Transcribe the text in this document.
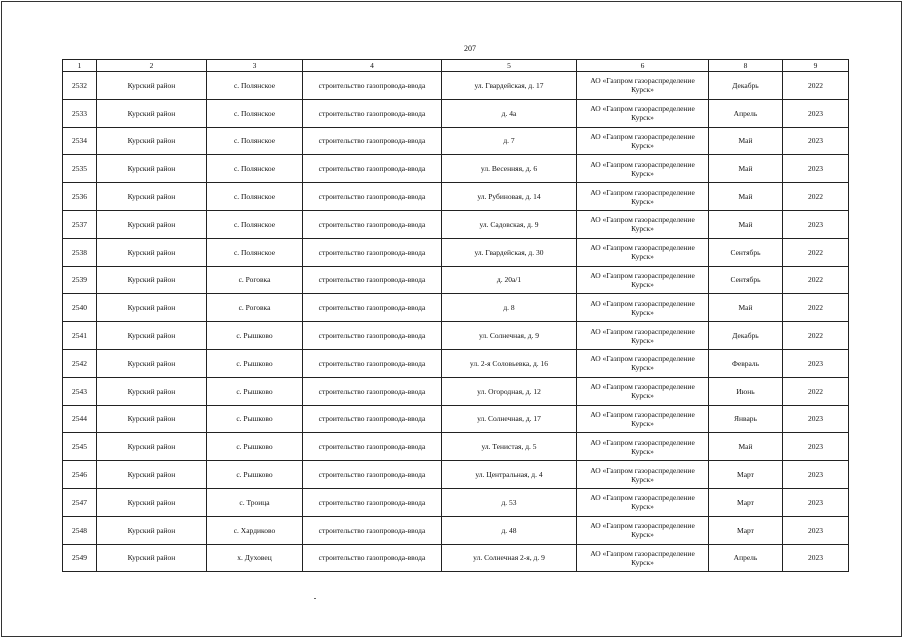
207
1	2	3	4	5	6	8	9
2532	Курский район	с. Полянское	строительство газопровода-ввода	ул. Гвардейская, д. 17	АО «Газпром газораспределение Курск»	Декабрь	2022
2533	Курский район	с. Полянское	строительство газопровода-ввода	д. 4а	АО «Газпром газораспределение Курск»	Апрель	2023
2534	Курский район	с. Полянское	строительство газопровода-ввода	д. 7	АО «Газпром газораспределение Курск»	Май	2023
2535	Курский район	с. Полянское	строительство газопровода-ввода	ул. Весенняя, д. 6	АО «Газпром газораспределение Курск»	Май	2023
2536	Курский район	с. Полянское	строительство газопровода-ввода	ул. Рубиновая, д. 14	АО «Газпром газораспределение Курск»	Май	2022
2537	Курский район	с. Полянское	строительство газопровода-ввода	ул. Садовская, д. 9	АО «Газпром газораспределение Курск»	Май	2023
2538	Курский район	с. Полянское	строительство газопровода-ввода	ул. Гвардейская, д. 30	АО «Газпром газораспределение Курск»	Сентябрь	2022
2539	Курский район	с. Роговка	строительство газопровода-ввода	д. 20а/1	АО «Газпром газораспределение Курск»	Сентябрь	2022
2540	Курский район	с. Роговка	строительство газопровода-ввода	д. 8	АО «Газпром газораспределение Курск»	Май	2022
2541	Курский район	с. Рышково	строительство газопровода-ввода	ул. Солнечная, д. 9	АО «Газпром газораспределение Курск»	Декабрь	2022
2542	Курский район	с. Рышково	строительство газопровода-ввода	ул. 2-я Соловьевка, д. 16	АО «Газпром газораспределение Курск»	Февраль	2023
2543	Курский район	с. Рышково	строительство газопровода-ввода	ул. Огородная, д. 12	АО «Газпром газораспределение Курск»	Июнь	2022
2544	Курский район	с. Рышково	строительство газопровода-ввода	ул. Солнечная, д. 17	АО «Газпром газораспределение Курск»	Январь	2023
2545	Курский район	с. Рышково	строительство газопровода-ввода	ул. Тенистая, д. 5	АО «Газпром газораспределение Курск»	Май	2023
2546	Курский район	с. Рышково	строительство газопровода-ввода	ул. Центральная, д. 4	АО «Газпром газораспределение Курск»	Март	2023
2547	Курский район	с. Троица	строительство газопровода-ввода	д. 53	АО «Газпром газораспределение Курск»	Март	2023
2548	Курский район	с. Хардиково	строительство газопровода-ввода	д. 48	АО «Газпром газораспределение Курск»	Март	2023
2549	Курский район	х. Духовец	строительство газопровода-ввода	ул. Солнечная 2-я, д. 9	АО «Газпром газораспределение Курск»	Апрель	2023
